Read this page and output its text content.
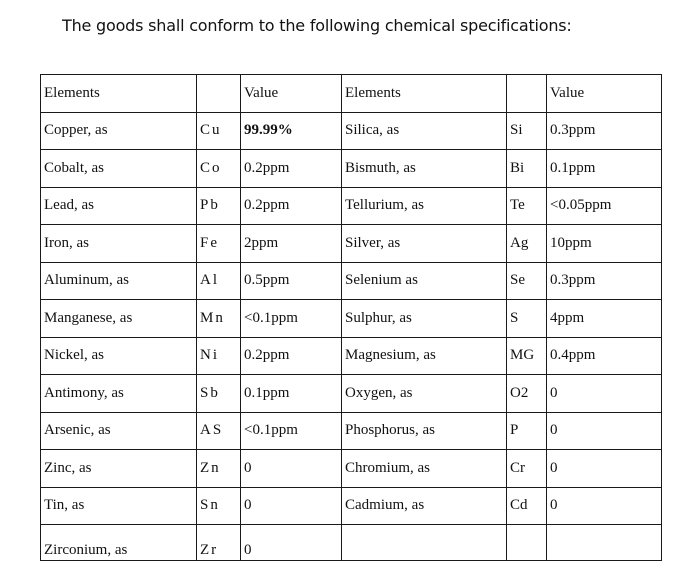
The goods shall conform to the following chemical specifications:
Elements		Value	Elements		Value
Copper, as	Cu	99.99%	Silica, as	Si	0.3ppm
Cobalt, as	Co	0.2ppm	Bismuth, as	Bi	0.1ppm
Lead, as	Pb	0.2ppm	Tellurium, as	Te	<0.05ppm
Iron, as	Fe	2ppm	Silver, as	Ag	10ppm
Aluminum, as	Al	0.5ppm	Selenium as	Se	0.3ppm
Manganese, as	Mn	<0.1ppm	Sulphur, as	S	4ppm
Nickel, as	Ni	0.2ppm	Magnesium, as	MG	0.4ppm
Antimony, as	Sb	0.1ppm	Oxygen, as	O2	0
Arsenic, as	AS	<0.1ppm	Phosphorus, as	P	0
Zinc, as	Zn	0	Chromium, as	Cr	0
Tin, as	Sn	0	Cadmium, as	Cd	0
Zirconium, as	Zr	0			
